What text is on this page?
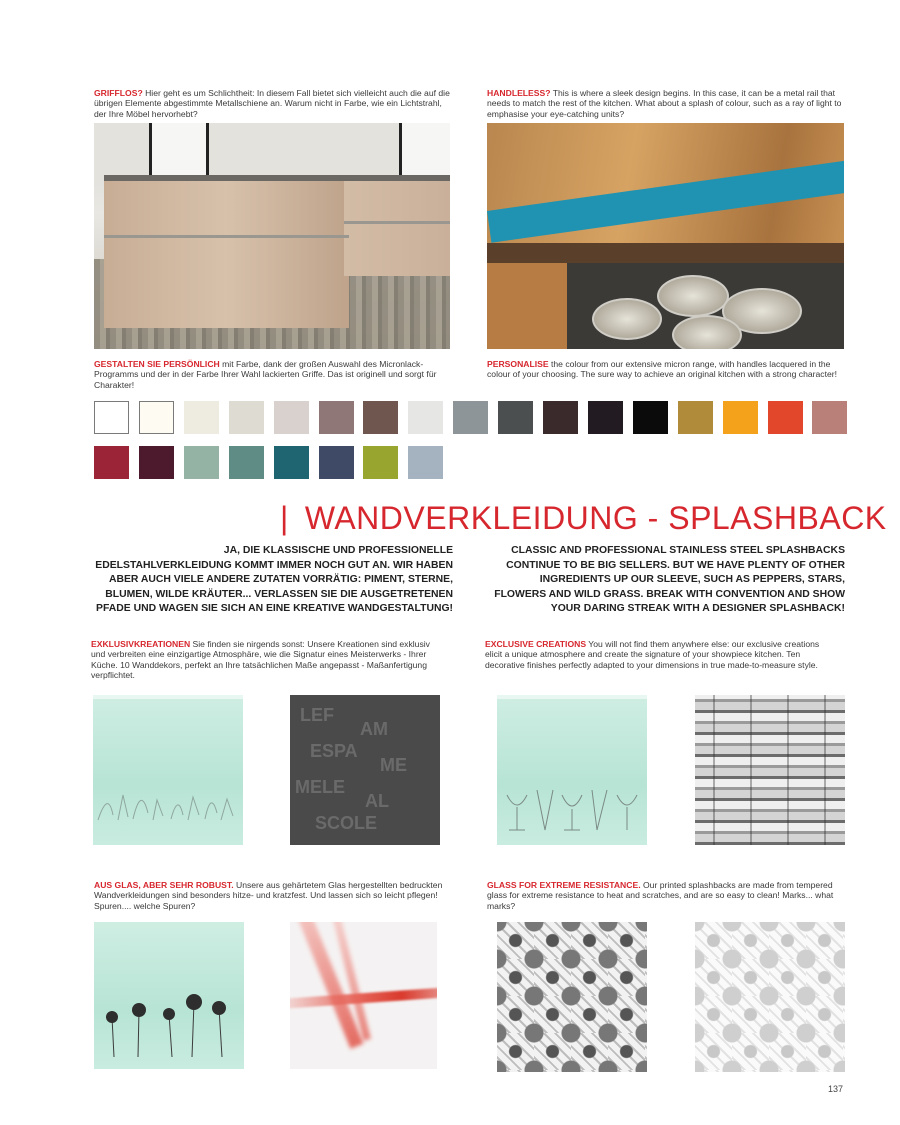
GRIFFLOS? Hier geht es um Schlichtheit: In diesem Fall bietet sich vielleicht auch die auf die übrigen Elemente abgestimmte Metallschiene an. Warum nicht in Farbe, wie ein Lichtstrahl, der Ihre Möbel hervorhebt?

HANDLELESS? This is where a sleek design begins. In this case, it can be a metal rail that needs to match the rest of the kitchen. What about a splash of colour, such as a ray of light to emphasise your eye-catching units?

GESTALTEN SIE PERSÖNLICH mit Farbe, dank der großen Auswahl des Micronlack-Programms und der in der Farbe Ihrer Wahl lackierten Griffe. Das ist originell und sorgt für Charakter!

PERSONALISE the colour from our extensive micron range, with handles lacquered in the colour of your choosing. The sure way to achieve an original kitchen with a strong character!

| WANDVERKLEIDUNG - SPLASHBACK

JA, DIE KLASSISCHE UND PROFESSIONELLE EDELSTAHLVERKLEIDUNG KOMMT IMMER NOCH GUT AN. WIR HABEN ABER AUCH VIELE ANDERE ZUTATEN VORRÄTIG: PIMENT, STERNE, BLUMEN, WILDE KRÄUTER... VERLASSEN SIE DIE AUSGETRETENEN PFADE UND WAGEN SIE SICH AN EINE KREATIVE WANDGESTALTUNG!

CLASSIC AND PROFESSIONAL STAINLESS STEEL SPLASHBACKS CONTINUE TO BE BIG SELLERS. BUT WE HAVE PLENTY OF OTHER INGREDIENTS UP OUR SLEEVE, SUCH AS PEPPERS, STARS, FLOWERS AND WILD GRASS. BREAK WITH CONVENTION AND SHOW YOUR DARING STREAK WITH A DESIGNER SPLASHBACK!

EXKLUSIVKREATIONEN Sie finden sie nirgends sonst: Unsere Kreationen sind exklusiv und verbreiten eine einzigartige Atmosphäre, wie die Signatur eines Meisterwerks - Ihrer Küche. 10 Wanddekors, perfekt an Ihre tatsächlichen Maße angepasst - Maßanfertigung verpflichtet.

EXCLUSIVE CREATIONS You will not find them anywhere else: our exclusive creations elicit a unique atmosphere and create the signature of your showpiece kitchen. Ten decorative finishes perfectly adapted to your dimensions in true made-to-measure style.

LEF
AM
ESPA
ME
MELE
AL
SCOLE

AUS GLAS, ABER SEHR ROBUST. Unsere aus gehärtetem Glas hergestellten bedruckten Wandverkleidungen sind besonders hitze- und kratzfest. Und lassen sich so leicht pflegen! Spuren.... welche Spuren?

GLASS FOR EXTREME RESISTANCE. Our printed splashbacks are made from tempered glass for extreme resistance to heat and scratches, and are so easy to clean! Marks... what marks?

137
